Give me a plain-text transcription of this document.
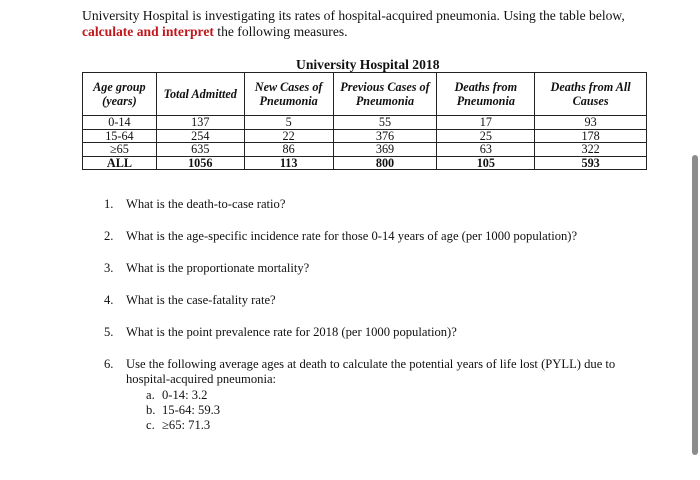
University Hospital is investigating its rates of hospital-acquired pneumonia. Using the table below,
calculate and interpret the following measures.
University Hospital 2018
Age group (years)	Total Admitted	New Cases of Pneumonia	Previous Cases of Pneumonia	Deaths from Pneumonia	Deaths from All Causes
0-14	137	5	55	17	93
15-64	254	22	376	25	178
≥65	635	86	369	63	322
ALL	1056	113	800	105	593
1. What is the death-to-case ratio?
2. What is the age-specific incidence rate for those 0-14 years of age (per 1000 population)?
3. What is the proportionate mortality?
4. What is the case-fatality rate?
5. What is the point prevalence rate for 2018 (per 1000 population)?
6. Use the following average ages at death to calculate the potential years of life lost (PYLL) due to hospital-acquired pneumonia:
a. 0-14: 3.2
b. 15-64: 59.3
c. ≥65: 71.3
